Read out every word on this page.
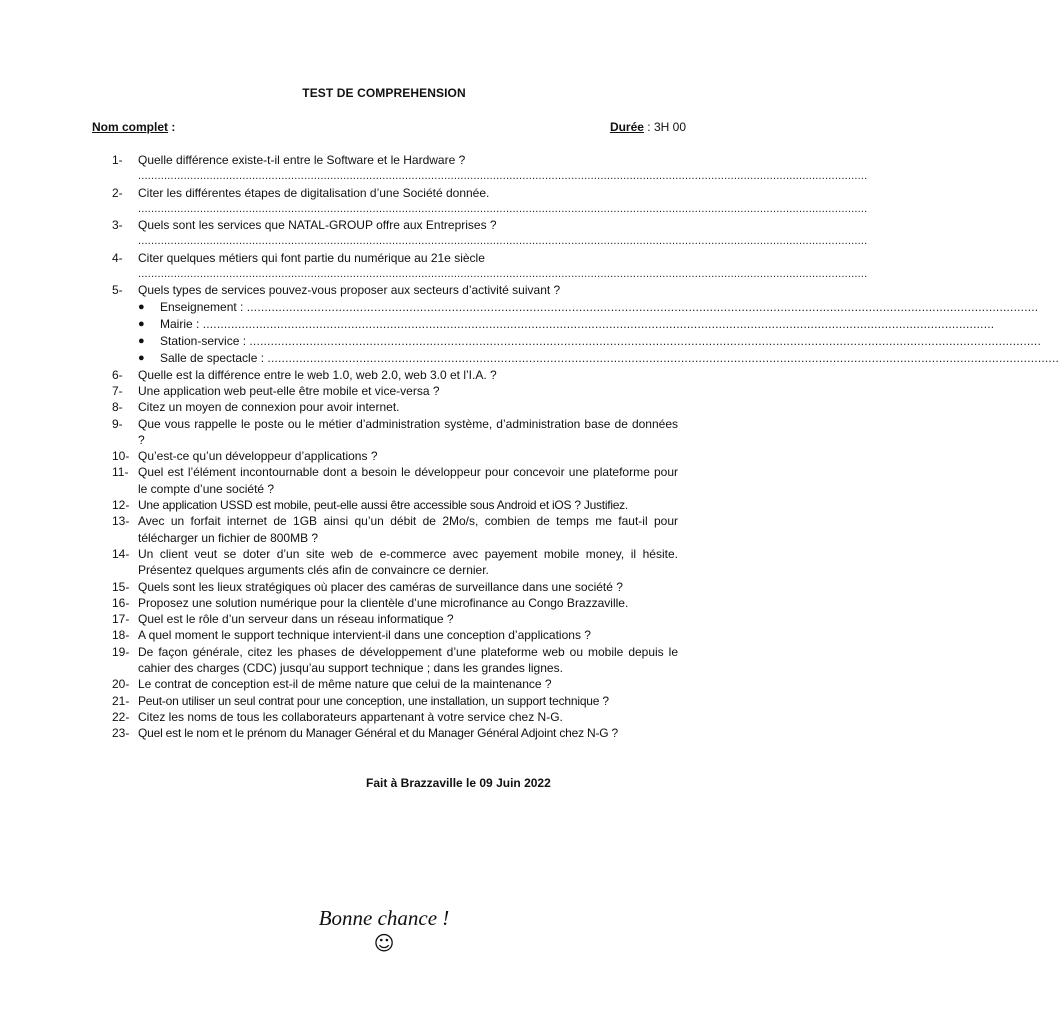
TEST DE COMPREHENSION
Nom complet :	Durée : 3H 00
1- Quelle différence existe-t-il entre le Software et le Hardware ?
................................................................................................................................................................................................................................
2- Citer les différentes étapes de digitalisation d’une Société donnée.
................................................................................................................................................................................................................................
3- Quels sont les services que NATAL-GROUP offre aux Entreprises ?
................................................................................................................................................................................................................................
4- Citer quelques métiers qui font partie du numérique au 21e siècle
................................................................................................................................................................................................................................
5- Quels types de services pouvez-vous proposer aux secteurs d’activité suivant ?
● Enseignement : ................................................................................................................................................................................................................................
● Mairie : ................................................................................................................................................................................................................................
● Station-service : ................................................................................................................................................................................................................................
● Salle de spectacle : ................................................................................................................................................................................................................................
6- Quelle est la différence entre le web 1.0, web 2.0, web 3.0 et l’I.A. ?
7- Une application web peut-elle être mobile et vice-versa ?
8- Citez un moyen de connexion pour avoir internet.
9- Que vous rappelle le poste ou le métier d’administration système, d’administration base de données ?
10- Qu’est-ce qu’un développeur d’applications ?
11- Quel est l’élément incontournable dont a besoin le développeur pour concevoir une plateforme pour le compte d’une société ?
12- Une application USSD est mobile, peut-elle aussi être accessible sous Android et iOS ? Justifiez.
13- Avec un forfait internet de 1GB ainsi qu’un débit de 2Mo/s, combien de temps me faut-il pour télécharger un fichier de 800MB ?
14- Un client veut se doter d’un site web de e-commerce avec payement mobile money, il hésite. Présentez quelques arguments clés afin de convaincre ce dernier.
15- Quels sont les lieux stratégiques où placer des caméras de surveillance dans une société ?
16- Proposez une solution numérique pour la clientèle d’une microfinance au Congo Brazzaville.
17- Quel est le rôle d’un serveur dans un réseau informatique ?
18- A quel moment le support technique intervient-il dans une conception d’applications ?
19- De façon générale, citez les phases de développement d’une plateforme web ou mobile depuis le cahier des charges (CDC) jusqu’au support technique ; dans les grandes lignes.
20- Le contrat de conception est-il de même nature que celui de la maintenance ?
21- Peut-on utiliser un seul contrat pour une conception, une installation, un support technique ?
22- Citez les noms de tous les collaborateurs appartenant à votre service chez N-G.
23- Quel est le nom et le prénom du Manager Général et du Manager Général Adjoint chez N-G ?
Fait à Brazzaville le 09 Juin 2022
Bonne chance !
☺
